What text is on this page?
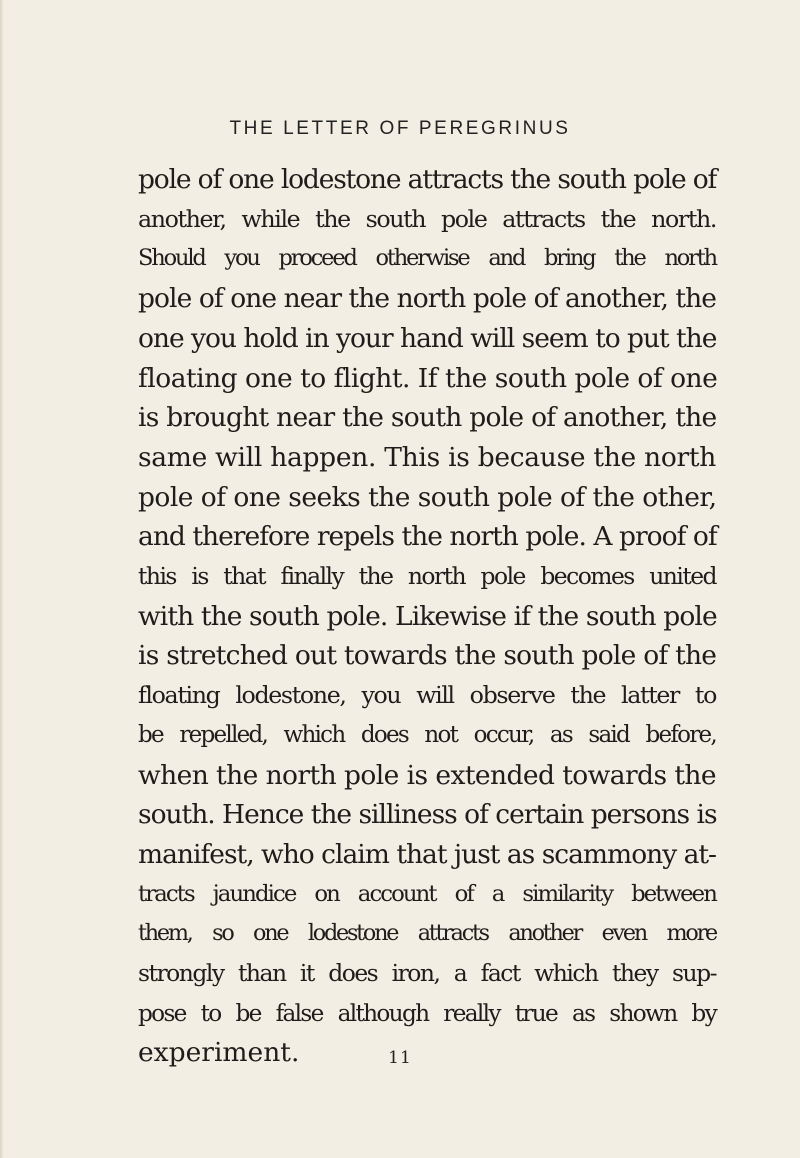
THE LETTER OF PEREGRINUS
pole of one lodestone attracts the south pole of
another, while the south pole attracts the north.
Should you proceed otherwise and bring the north
pole of one near the north pole of another, the
one you hold in your hand will seem to put the
floating one to flight. If the south pole of one
is brought near the south pole of another, the
same will happen. This is because the north
pole of one seeks the south pole of the other,
and therefore repels the north pole. A proof of
this is that finally the north pole becomes united
with the south pole. Likewise if the south pole
is stretched out towards the south pole of the
floating lodestone, you will observe the latter to
be repelled, which does not occur, as said before,
when the north pole is extended towards the
south. Hence the silliness of certain persons is
manifest, who claim that just as scammony at-
tracts jaundice on account of a similarity between
them, so one lodestone attracts another even more
strongly than it does iron, a fact which they sup-
pose to be false although really true as shown by
experiment.	11
